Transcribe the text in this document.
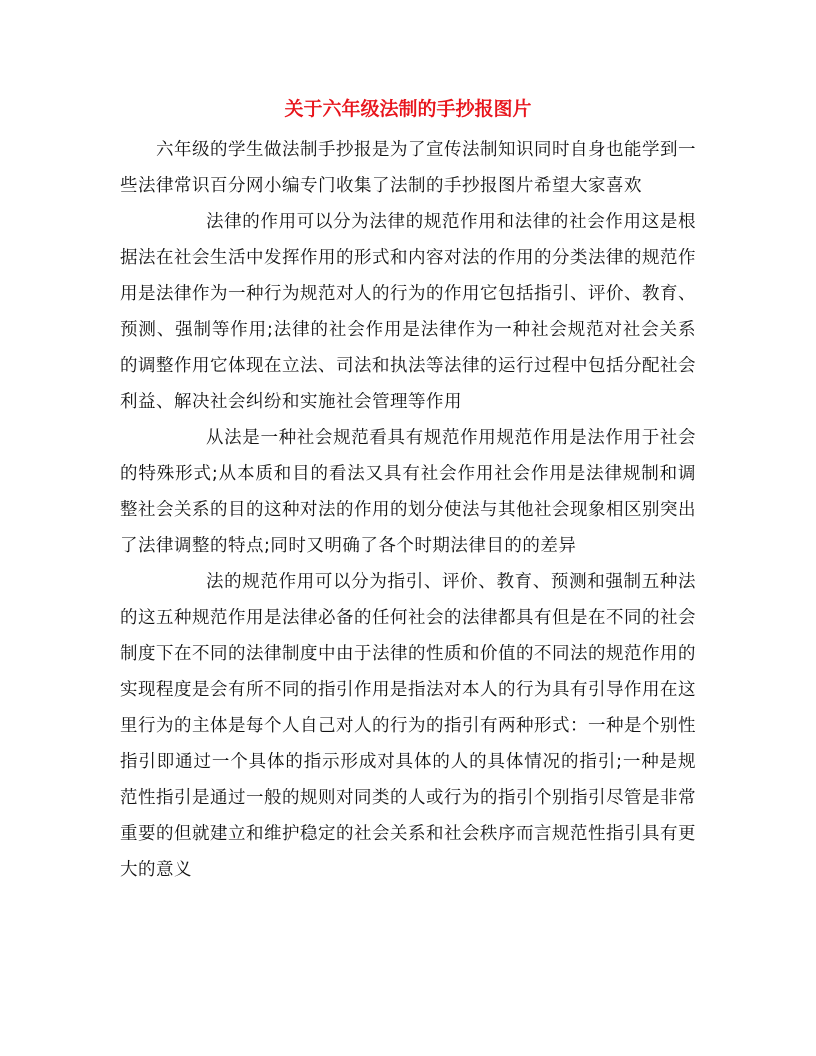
关于六年级法制的手抄报图片

六年级的学生做法制手抄报是为了宣传法制知识同时自身也能学到一些法律常识百分网小编专门收集了法制的手抄报图片希望大家喜欢

法律的作用可以分为法律的规范作用和法律的社会作用这是根据法在社会生活中发挥作用的形式和内容对法的作用的分类法律的规范作用是法律作为一种行为规范对人的行为的作用它包括指引、评价、教育、预测、强制等作用;法律的社会作用是法律作为一种社会规范对社会关系的调整作用它体现在立法、司法和执法等法律的运行过程中包括分配社会利益、解决社会纠纷和实施社会管理等作用

从法是一种社会规范看具有规范作用规范作用是法作用于社会的特殊形式;从本质和目的看法又具有社会作用社会作用是法律规制和调整社会关系的目的这种对法的作用的划分使法与其他社会现象相区别突出了法律调整的特点;同时又明确了各个时期法律目的的差异

法的规范作用可以分为指引、评价、教育、预测和强制五种法的这五种规范作用是法律必备的任何社会的法律都具有但是在不同的社会制度下在不同的法律制度中由于法律的性质和价值的不同法的规范作用的实现程度是会有所不同的指引作用是指法对本人的行为具有引导作用在这里行为的主体是每个人自己对人的行为的指引有两种形式：一种是个别性指引即通过一个具体的指示形成对具体的人的具体情况的指引;一种是规范性指引是通过一般的规则对同类的人或行为的指引个别指引尽管是非常重要的但就建立和维护稳定的社会关系和社会秩序而言规范性指引具有更大的意义
